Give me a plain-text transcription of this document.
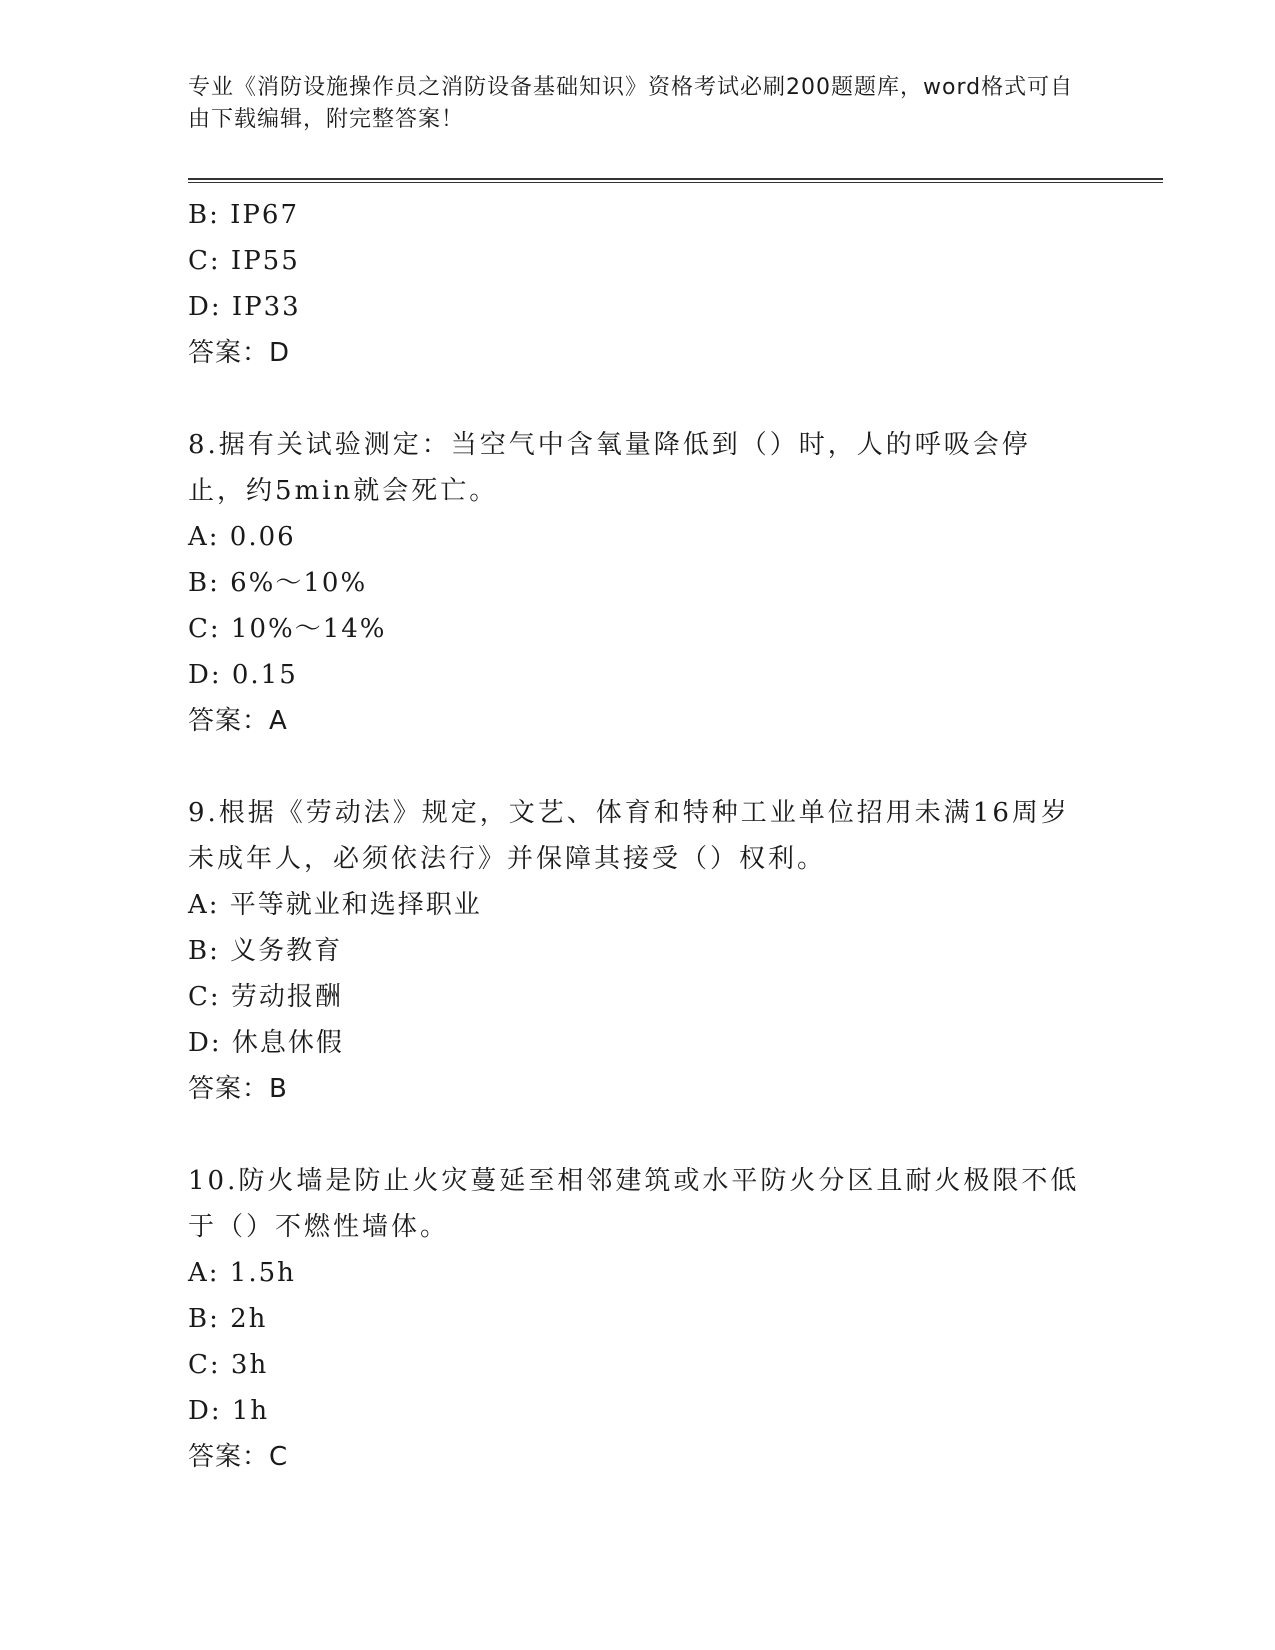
专业《消防设施操作员之消防设备基础知识》资格考试必刷200题题库，word格式可自由下载编辑，附完整答案！
B: IP67
C: IP55
D: IP33
答案：D
8.据有关试验测定：当空气中含氧量降低到（）时，人的呼吸会停止，约5min就会死亡。
A: 0.06
B: 6%～10%
C: 10%～14%
D: 0.15
答案：A
9.根据《劳动法》规定，文艺、体育和特种工业单位招用未满16周岁未成年人，必须依法行》并保障其接受（）权利。
A: 平等就业和选择职业
B: 义务教育
C: 劳动报酬
D: 休息休假
答案：B
10.防火墙是防止火灾蔓延至相邻建筑或水平防火分区且耐火极限不低于（）不燃性墙体。
A: 1.5h
B: 2h
C: 3h
D: 1h
答案：C
